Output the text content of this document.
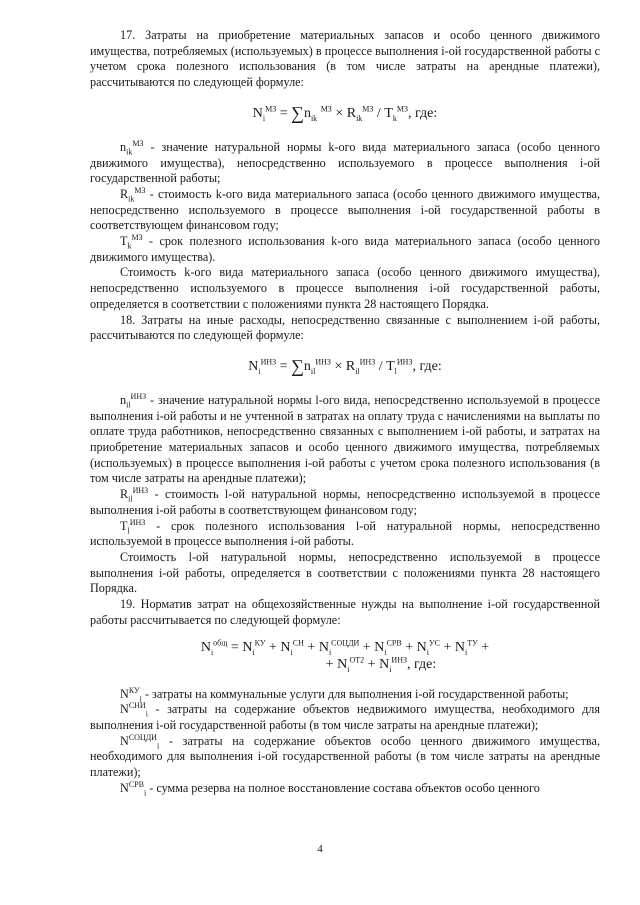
17. Затраты на приобретение материальных запасов и особо ценного движимого имущества, потребляемых (используемых) в процессе выполнения i-ой государственной работы с учетом срока полезного использования (в том числе затраты на арендные платежи), рассчитываются по следующей формуле:

$N_i^{МЗ} = \sum n_{ik}$ $^{МЗ} \times R_{ik}^{МЗ} / T_k^{МЗ}$, где:

$n_{ik}^{МЗ}$ - значение натуральной нормы k-ого вида материального запаса (особо ценного движимого имущества), непосредственно используемого в процессе выполнения i-ой государственной работы;

$R_{ik}^{МЗ}$ - стоимость k-ого вида материального запаса (особо ценного движимого имущества, непосредственно используемого в процессе выполнения i-ой государственной работы в соответствующем финансовом году;

$T_k^{МЗ}$ - срок полезного использования k-ого вида материального запаса (особо ценного движимого имущества).

Стоимость k-ого вида материального запаса (особо ценного движимого имущества), непосредственно используемого в процессе выполнения i-ой государственной работы, определяется в соответствии с положениями пункта 28 настоящего Порядка.

18. Затраты на иные расходы, непосредственно связанные с выполнением i-ой работы, рассчитываются по следующей формуле:

$N_i^{ИНЗ} = \sum n_{il}^{ИНЗ} \times R_{il}^{ИНЗ} / T_l^{ИНЗ}$, где:

$n_{il}^{ИНЗ}$ - значение натуральной нормы l-ого вида, непосредственно используемой в процессе выполнения i-ой работы и не учтенной в затратах на оплату труда с начислениями на выплаты по оплате труда работников, непосредственно связанных с выполнением i-ой работы, и затратах на приобретение материальных запасов и особо ценного движимого имущества, потребляемых (используемых) в процессе выполнения i-ой работы с учетом срока полезного использования (в том числе затраты на арендные платежи);

$R_{il}^{ИНЗ}$ - стоимость l-ой натуральной нормы, непосредственно используемой в процессе выполнения i-ой работы в соответствующем финансовом году;

$T_l^{ИНЗ}$ - срок полезного использования l-ой натуральной нормы, непосредственно используемой в процессе выполнения i-ой работы.

Стоимость l-ой натуральной нормы, непосредственно используемой в процессе выполнения i-ой работы, определяется в соответствии с положениями пункта 28 настоящего Порядка.

19. Норматив затрат на общехозяйственные нужды на выполнение i-ой государственной работы рассчитывается по следующей формуле:

$N_i^{общ} = N_i^{КУ} + N_i^{СН} + N_i^{СОЦДИ} + N_i^{СРВ} + N_i^{УС} + N_i^{ТУ}$ +
+ $N_i^{ОТ2} + N_i^{ИНЗ}$, где:

$N^{КУ}_i$ - затраты на коммунальные услуги для выполнения i-ой государственной работы;

$N^{СНИ}_i$ - затраты на содержание объектов недвижимого имущества, необходимого для выполнения i-ой государственной работы (в том числе затраты на арендные платежи);

$N^{СОЦДИ}_i$ - затраты на содержание объектов особо ценного движимого имущества, необходимого для выполнения i-ой государственной работы (в том числе затраты на арендные платежи);

$N^{СРВ}_i$ - сумма резерва на полное восстановление состава объектов особо ценного

4
